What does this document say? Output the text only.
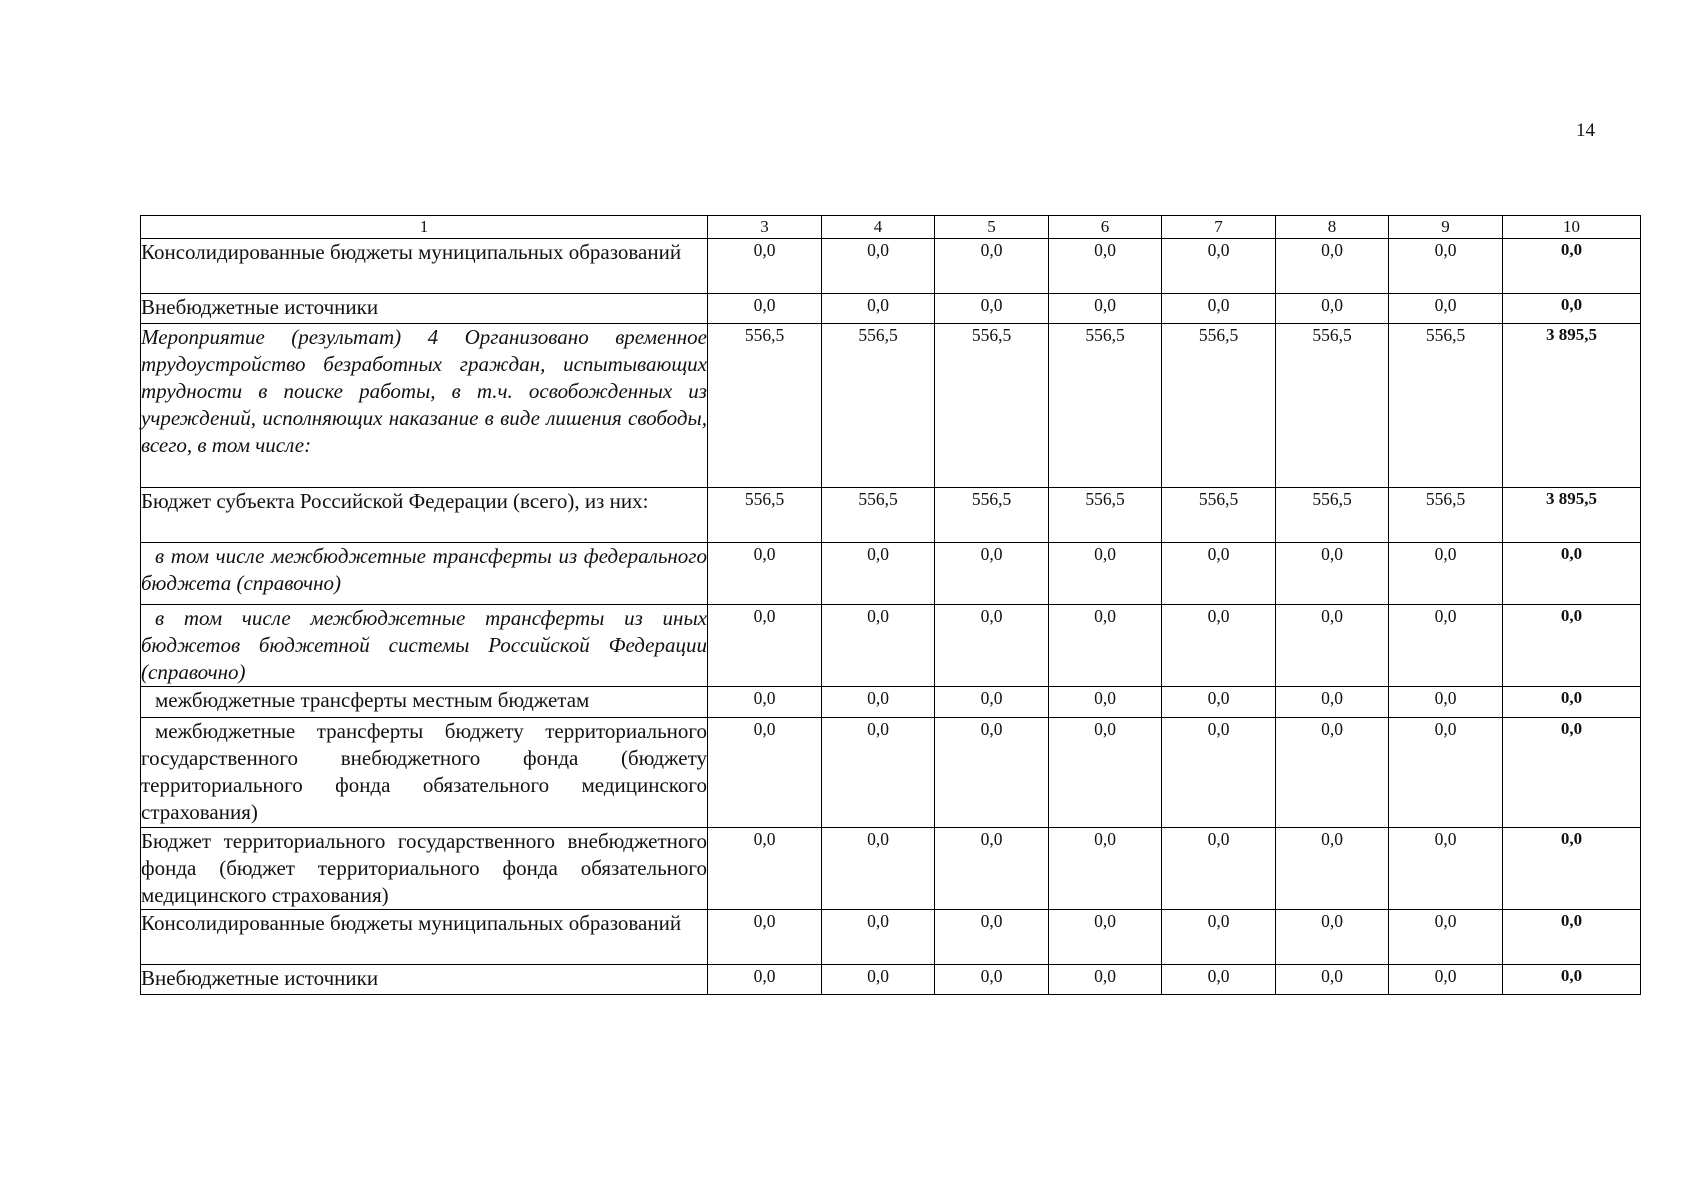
14
1	3	4	5	6	7	8	9	10
Консолидированные бюджеты муниципальных образований	0,0	0,0	0,0	0,0	0,0	0,0	0,0	0,0
Внебюджетные источники	0,0	0,0	0,0	0,0	0,0	0,0	0,0	0,0
Мероприятие (результат) 4 Организовано временное трудоустройство безработных граждан, испытывающих трудности в поиске работы, в т.ч. освобожденных из учреждений, исполняющих наказание в виде лишения свободы, всего, в том числе:	556,5	556,5	556,5	556,5	556,5	556,5	556,5	3 895,5
Бюджет субъекта Российской Федерации (всего), из них:	556,5	556,5	556,5	556,5	556,5	556,5	556,5	3 895,5
в том числе межбюджетные трансферты из федерального бюджета (справочно)	0,0	0,0	0,0	0,0	0,0	0,0	0,0	0,0
в том числе межбюджетные трансферты из иных бюджетов бюджетной системы Российской Федерации (справочно)	0,0	0,0	0,0	0,0	0,0	0,0	0,0	0,0
межбюджетные трансферты местным бюджетам	0,0	0,0	0,0	0,0	0,0	0,0	0,0	0,0
межбюджетные трансферты бюджету территориального государственного внебюджетного фонда (бюджету территориального фонда обязательного медицинского страхования)	0,0	0,0	0,0	0,0	0,0	0,0	0,0	0,0
Бюджет территориального государственного внебюджетного фонда (бюджет территориального фонда обязательного медицинского страхования)	0,0	0,0	0,0	0,0	0,0	0,0	0,0	0,0
Консолидированные бюджеты муниципальных образований	0,0	0,0	0,0	0,0	0,0	0,0	0,0	0,0
Внебюджетные источники	0,0	0,0	0,0	0,0	0,0	0,0	0,0	0,0
